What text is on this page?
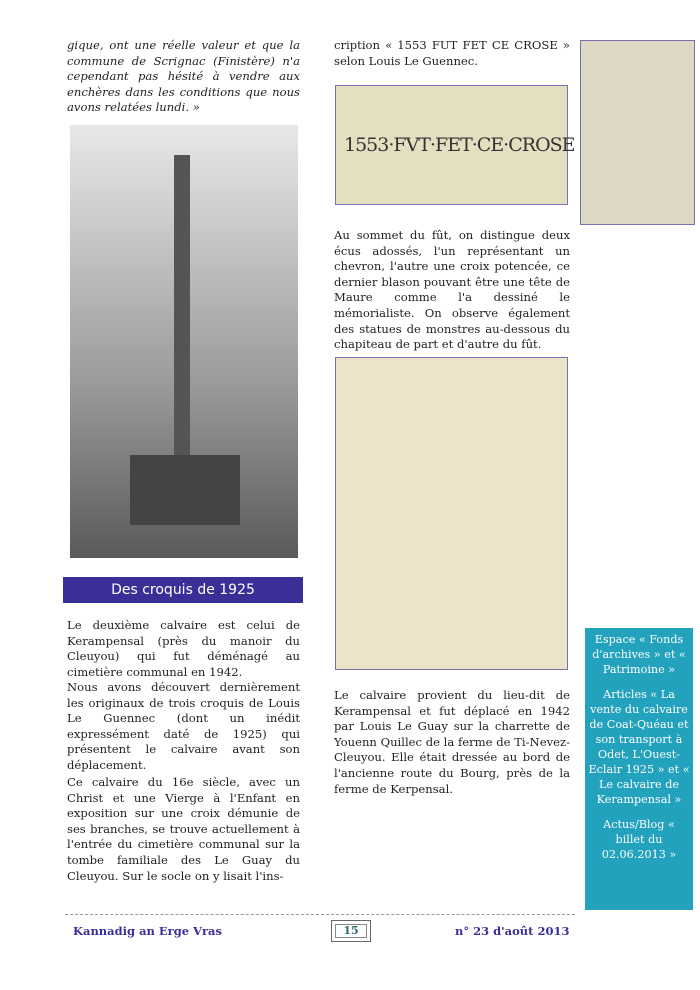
gique, ont une réelle valeur et que la commune de Scrignac (Finistère) n'a cependant pas hésité à vendre aux enchères dans les conditions que nous avons relatées lundi. »

Des croquis de 1925

Le deuxième calvaire est celui de Kerampensal (près du manoir du Cleuyou) qui fut déménagé au cimetière communal en 1942.

Nous avons découvert dernièrement les originaux de trois croquis de Louis Le Guennec (dont un inédit expressément daté de 1925) qui présentent le calvaire avant son déplacement.

Ce calvaire du 16e siècle, avec un Christ et une Vierge à l'Enfant en exposition sur une croix démunie de ses branches, se trouve actuellement à l'entrée du cimetière communal sur la tombe familiale des Le Guay du Cleuyou. Sur le socle on y lisait l'ins-

cription « 1553 FUT FET CE CROSE » selon Louis Le Guennec.

1553·FVT·FET·CE·CROSE

Au sommet du fût, on distingue deux écus adossés, l'un représentant un chevron, l'autre une croix potencée, ce dernier blason pouvant être une tête de Maure comme l'a dessiné le mémorialiste. On observe également des statues de monstres au-dessous du chapiteau de part et d'autre du fût.

Le calvaire provient du lieu-dit de Kerampensal et fut déplacé en 1942 par Louis Le Guay sur la charrette de Youenn Quillec de la ferme de Ti-Nevez-Cleuyou. Elle était dressée au bord de l'ancienne route du Bourg, près de la ferme de Kerpensal.

Espace « Fonds d'archives » et « Patrimoine »

Articles « La vente du calvaire de Coat-Quéau et son transport à Odet, L'Ouest-Eclair 1925 » et « Le calvaire de Kerampensal »

Actus/Blog « billet du 02.06.2013 »

Kannadig an Erge Vras	15	n° 23 d'août 2013
